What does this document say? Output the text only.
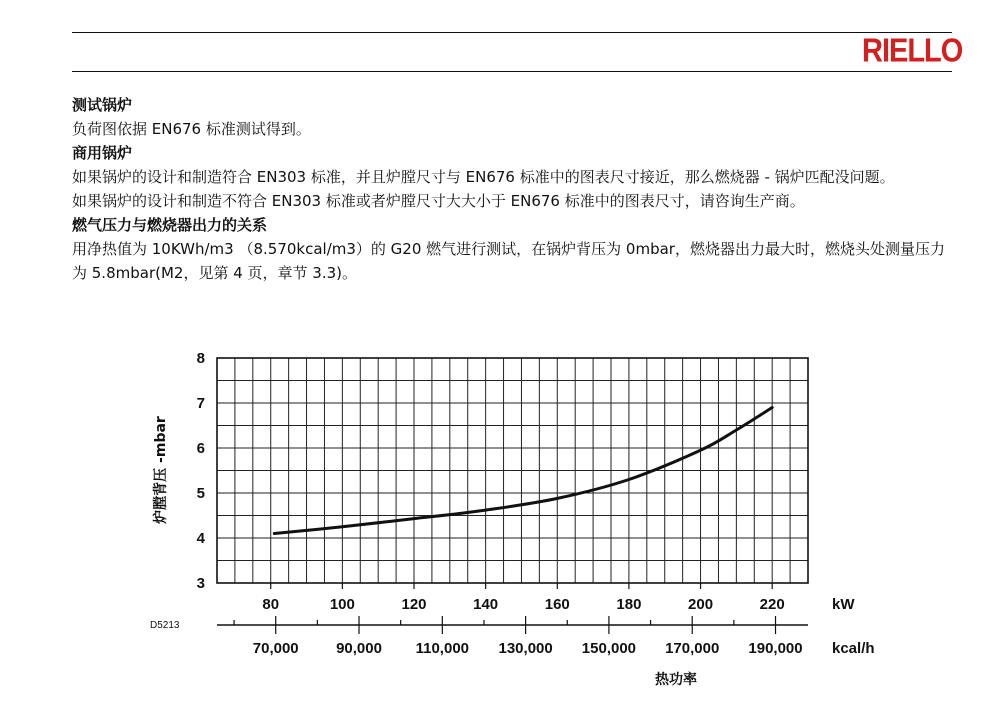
RIELLO

测试锅炉

负荷图依据 EN676 标准测试得到。

商用锅炉

如果锅炉的设计和制造符合 EN303 标准，并且炉膛尺寸与 EN676 标准中的图表尺寸接近，那么燃烧器 - 锅炉匹配没问题。

如果锅炉的设计和制造不符合 EN303 标准或者炉膛尺寸大大小于 EN676 标准中的图表尺寸，请咨询生产商。

燃气压力与燃烧器出力的关系

用净热值为 10KWh/m3 （8.570kcal/m3）的 G20 燃气进行测试，在锅炉背压为 0mbar，燃烧器出力最大时，燃烧头处测量压力为 5.8mbar(M2，见第 4 页，章节 3.3)。

3
4
5
6
7
8
80	100	120	140	160	180	200	220
70,000 90,000 110,000 130,000 150,000 170,000 190,000
kW
kcal/h
热功率
D5213
炉膛背压 -mbar
